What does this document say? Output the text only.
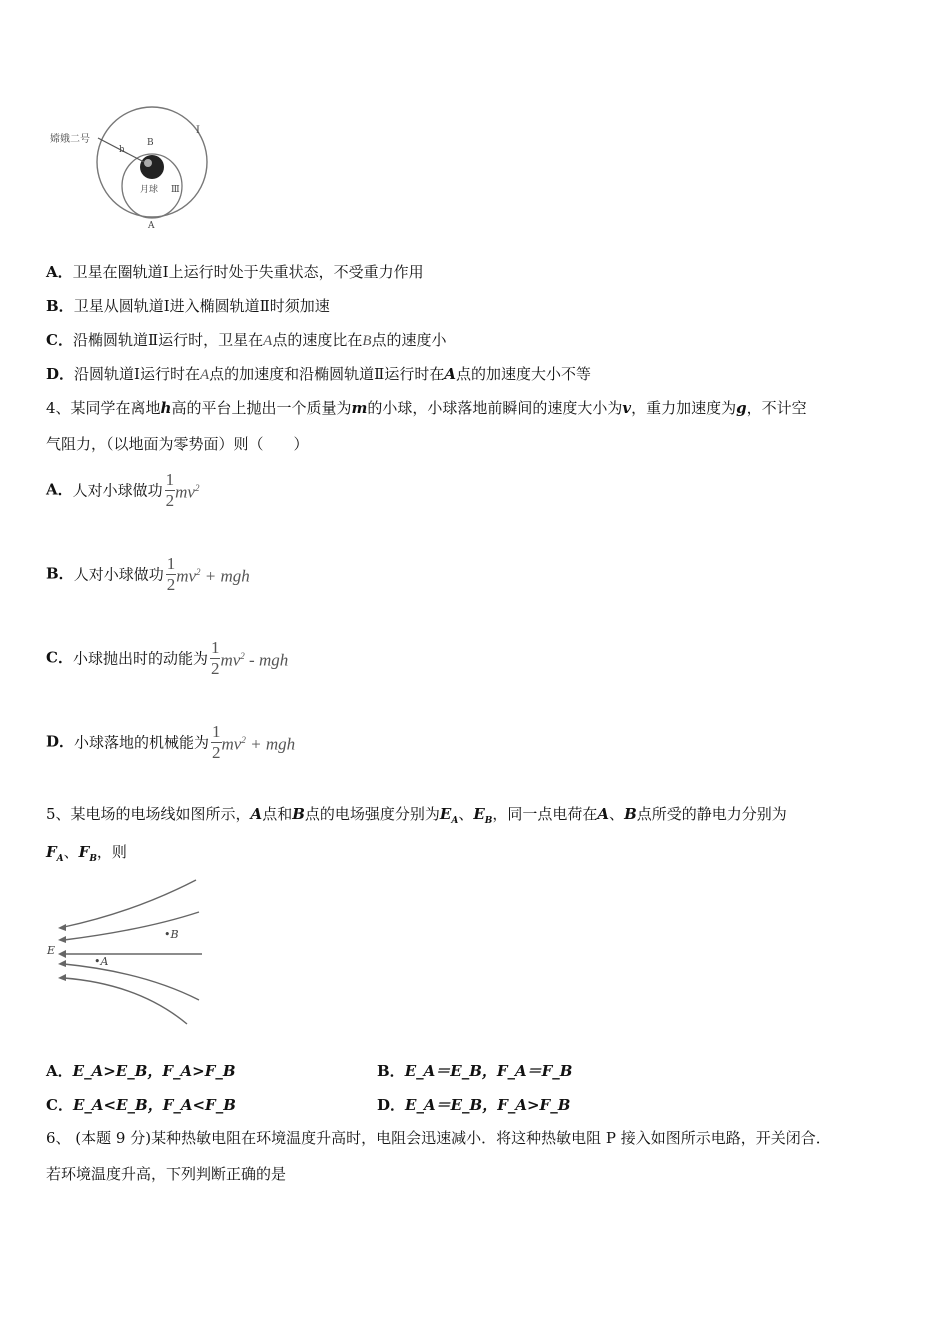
嫦娥二号
h
B
月球 Ⅲ
I
A
A．卫星在圈轨道Ⅰ上运行时处于失重状态，不受重力作用
B．卫星从圆轨道Ⅰ进入椭圆轨道Ⅱ时须加速
C．沿椭圆轨道Ⅱ运行时，卫星在A点的速度比在B点的速度小
D．沿圆轨道Ⅰ运行时在A点的加速度和沿椭圆轨道Ⅱ运行时在A点的加速度大小不等
4、某同学在离地h高的平台上抛出一个质量为m的小球，小球落地前瞬间的速度大小为v，重力加速度为g，不计空
气阻力，（以地面为零势面）则（　　）
A．人对小球做功 $\frac{1}{2} mv^2$
B．人对小球做功 $\frac{1}{2} mv^2$ + mgh
C．小球抛出时的动能为 $\frac{1}{2} mv^2$ - mgh
D．小球落地的机械能为 $\frac{1}{2} mv^2$ + mgh
5、某电场的电场线如图所示，A点和B点的电场强度分别为$E_A$、$E_B$，同一点电荷在A、B点所受的静电力分别为
$F_A$、$F_B$，则
E
•B
•A
A．E_A>E_B，F_A>F_B	B．E_A＝E_B，F_A＝F_B
C．E_A<E_B，F_A<F_B	D．E_A＝E_B，F_A>F_B
6、 (本题 9 分)某种热敏电阻在环境温度升高时，电阻会迅速减小．将这种热敏电阻 P 接入如图所示电路，开关闭合．
若环境温度升高，下列判断正确的是
